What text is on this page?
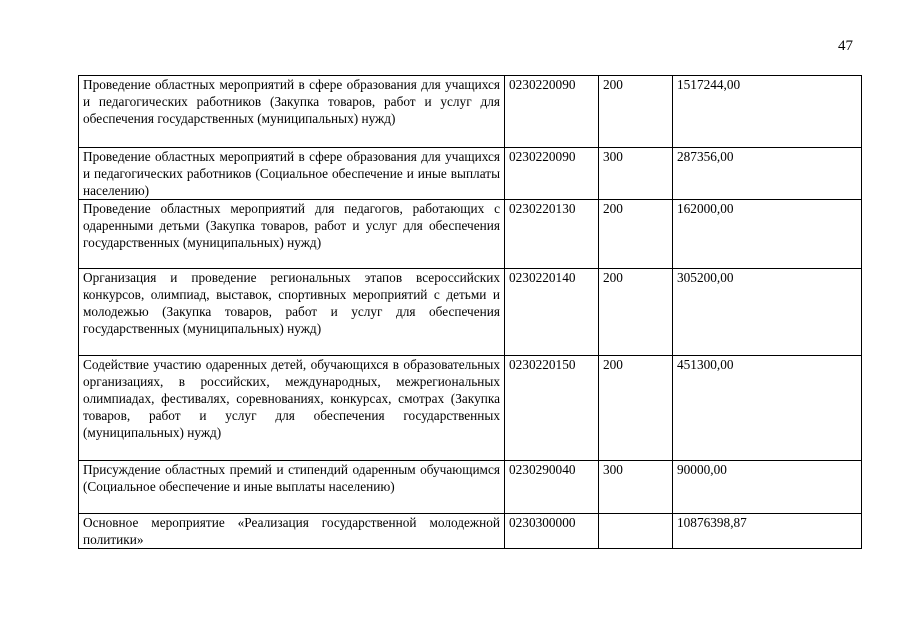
47
Проведение областных мероприятий в сфере образования для учащихся и педагогических работников (Закупка товаров, работ и услуг для обеспечения государственных (муниципальных) нужд)	0230220090	200	1517244,00
Проведение областных мероприятий в сфере образования для учащихся и педагогических работников (Социальное обеспечение и иные выплаты населению)	0230220090	300	287356,00
Проведение областных мероприятий для педагогов, работающих с одаренными детьми (Закупка товаров, работ и услуг для обеспечения государственных (муниципальных) нужд)	0230220130	200	162000,00
Организация и проведение региональных этапов всероссийских конкурсов, олимпиад, выставок, спортивных мероприятий с детьми и молодежью (Закупка товаров, работ и услуг для обеспечения государственных (муниципальных) нужд)	0230220140	200	305200,00
Содействие участию одаренных детей, обучающихся в образовательных организациях, в российских, международных, межрегиональных олимпиадах, фестивалях, соревнованиях, конкурсах, смотрах (Закупка товаров, работ и услуг для обеспечения государственных (муниципальных) нужд)	0230220150	200	451300,00
Присуждение областных премий и стипендий одаренным обучающимся (Социальное обеспечение и иные выплаты населению)	0230290040	300	90000,00
Основное мероприятие «Реализация государственной молодежной политики»	0230300000		10876398,87
